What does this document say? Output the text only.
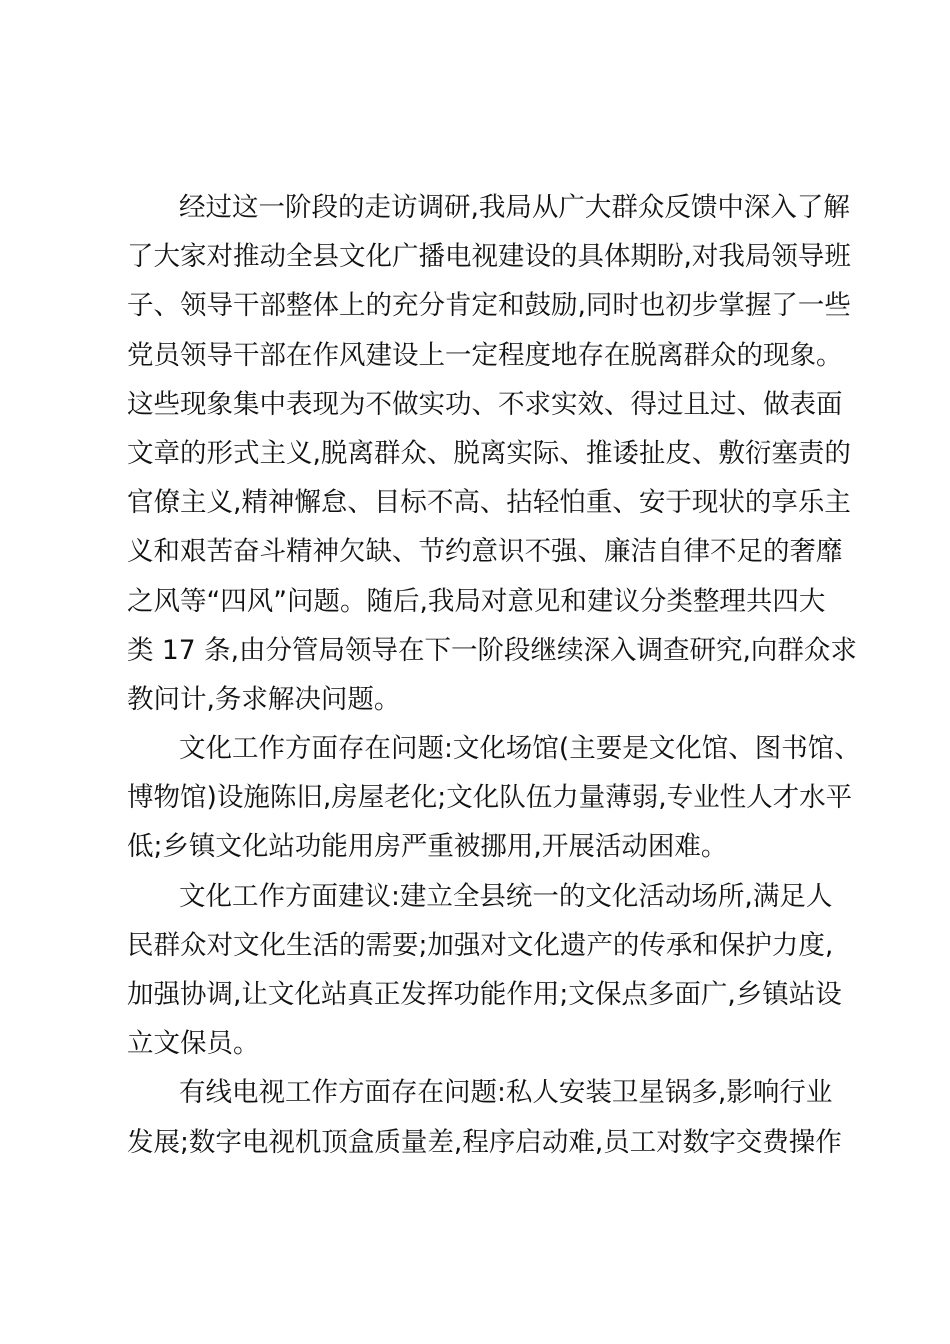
经过这一阶段的走访调研,我局从广大群众反馈中深入了解
了大家对推动全县文化广播电视建设的具体期盼,对我局领导班
子、领导干部整体上的充分肯定和鼓励,同时也初步掌握了一些
党员领导干部在作风建设上一定程度地存在脱离群众的现象。
这些现象集中表现为不做实功、不求实效、得过且过、做表面
文章的形式主义,脱离群众、脱离实际、推诿扯皮、敷衍塞责的
官僚主义,精神懈怠、目标不高、拈轻怕重、安于现状的享乐主
义和艰苦奋斗精神欠缺、节约意识不强、廉洁自律不足的奢靡
之风等“四风”问题。随后,我局对意见和建议分类整理共四大
类 17 条,由分管局领导在下一阶段继续深入调查研究,向群众求
教问计,务求解决问题。

文化工作方面存在问题:文化场馆(主要是文化馆、图书馆、
博物馆)设施陈旧,房屋老化;文化队伍力量薄弱,专业性人才水平
低;乡镇文化站功能用房严重被挪用,开展活动困难。

文化工作方面建议:建立全县统一的文化活动场所,满足人
民群众对文化生活的需要;加强对文化遗产的传承和保护力度,
加强协调,让文化站真正发挥功能作用;文保点多面广,乡镇站设
立文保员。

有线电视工作方面存在问题:私人安装卫星锅多,影响行业
发展;数字电视机顶盒质量差,程序启动难,员工对数字交费操作
